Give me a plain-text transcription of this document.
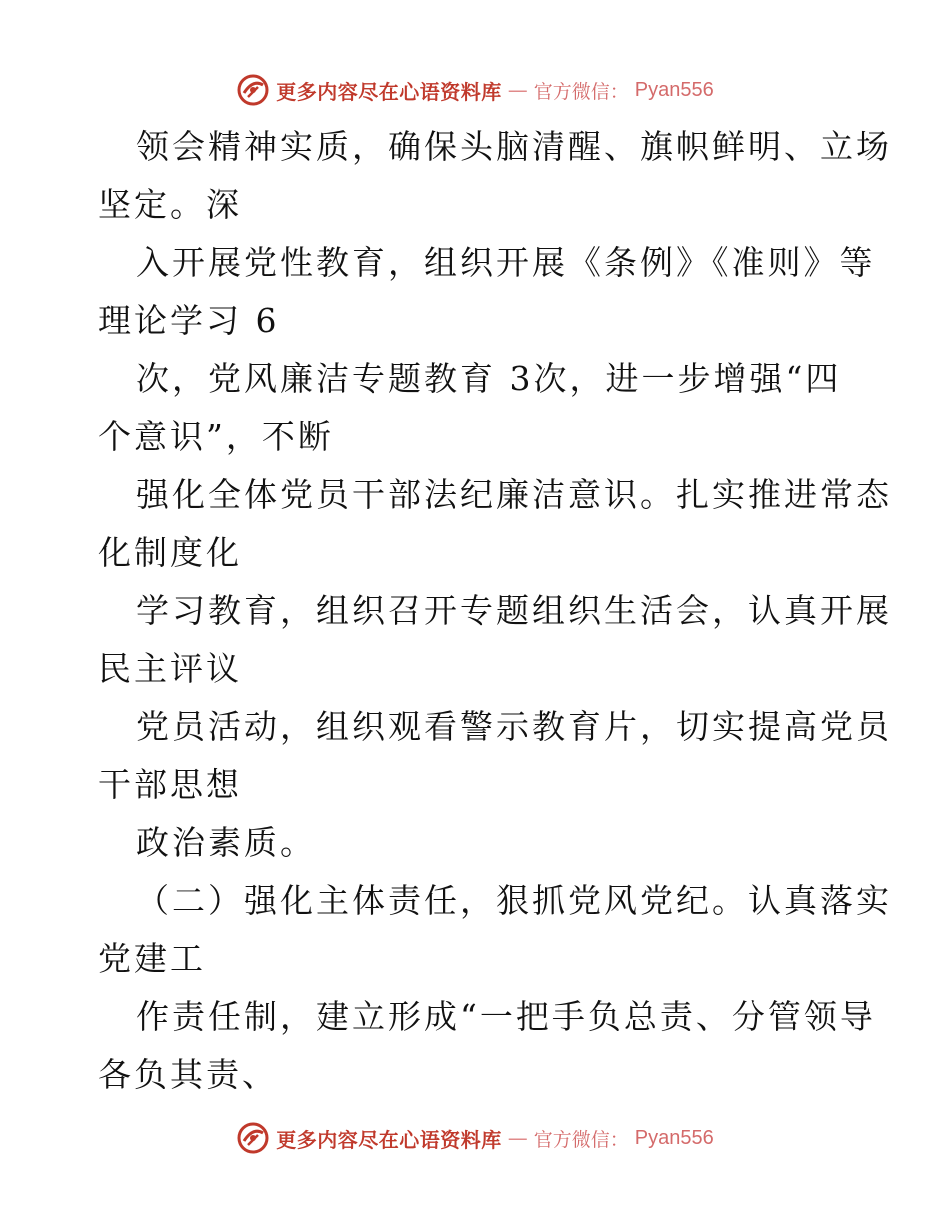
更多内容尽在心语资料库 — 官方微信： Pyan556
领会精神实质，确保头脑清醒、旗帜鲜明、立场
坚定。深
入开展党性教育，组织开展《条例》《准则》等
理论学习 6
次，党风廉洁专题教育 3次，进一步增强“四
个意识”，不断
强化全体党员干部法纪廉洁意识。扎实推进常态
化制度化
学习教育，组织召开专题组织生活会，认真开展
民主评议
党员活动，组织观看警示教育片，切实提高党员
干部思想
政治素质。
（二）强化主体责任，狠抓党风党纪。认真落实
党建工
作责任制，建立形成“一把手负总责、分管领导
各负其责、
更多内容尽在心语资料库 — 官方微信： Pyan556
